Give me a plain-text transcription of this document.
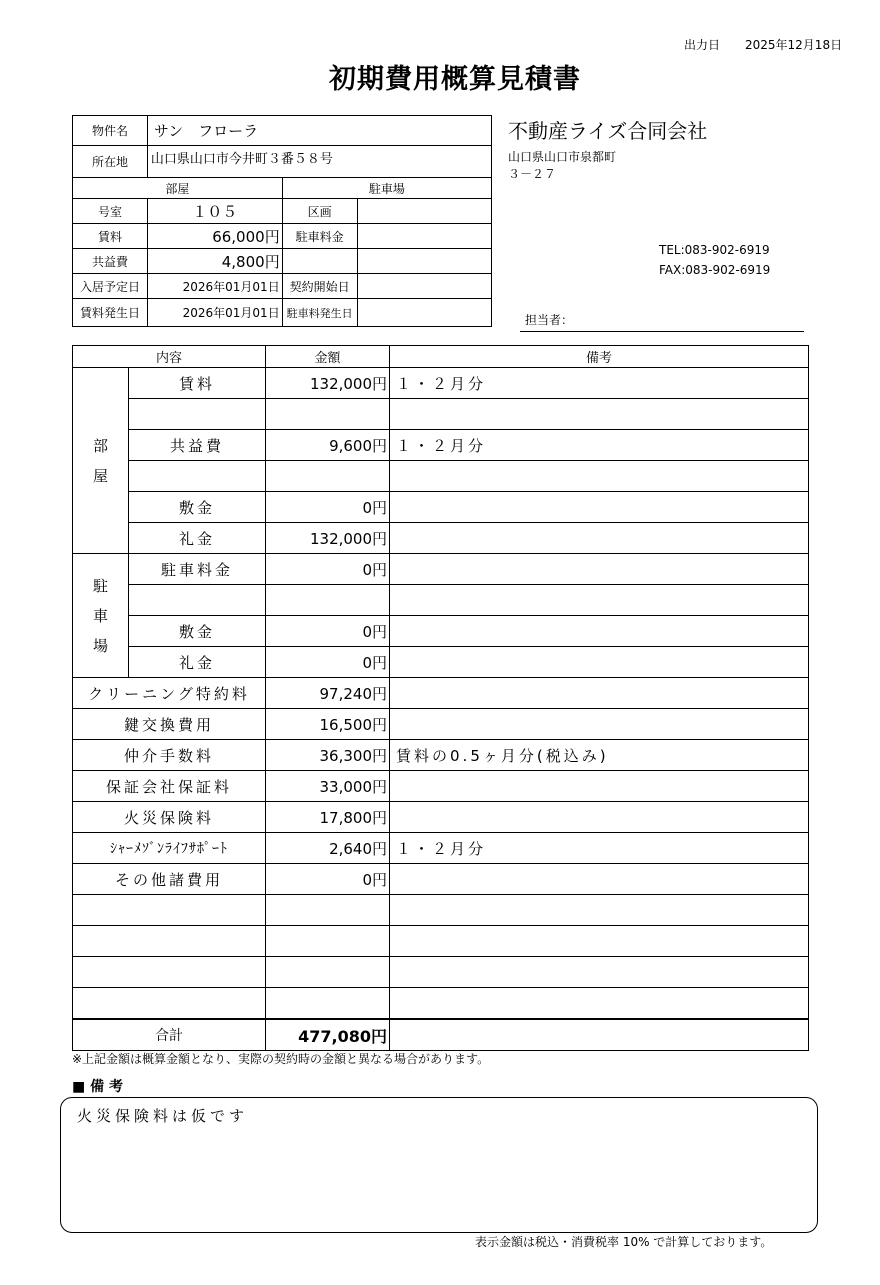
出力日 2025年12月18日
初期費用概算見積書
物件名	サン　フローラ		
所在地	山口県山口市今井町３番５８号		
部屋		駐車場	
号室	１０５	区画	
賃料	66,000円	駐車料金	
共益費	4,800円		
入居予定日	2026年01月01日	契約開始日	
賃料発生日	2026年01月01日	駐車料発生日	
不動産ライズ合同会社
山口県山口市泉都町
３－２７
TEL:083-902-6919
FAX:083-902-6919
担当者：
内容		金額	備考

部
屋	賃料	132,000円	１・２月分

	共益費	9,600円	１・２月分

	敷金	0円	
	礼金	132,000円	

駐
車
場	駐車料金	0円	

	敷金	0円	
	礼金	0円	
クリーニング特約料		97,240円	
鍵交換費用		16,500円	
仲介手数料		36,300円	賃料の0.5ヶ月分(税込み)
保証会社保証料		33,000円	
火災保険料		17,800円	
ｼｬｰﾒｿﾞﾝﾗｲﾌｻﾎﾟｰﾄ		2,640円	１・２月分
その他諸費用		0円	

合計		477,080円	
※上記金額は概算金額となり、実際の契約時の金額と異なる場合があります。
■ 備 考
火災保険料は仮です
表示金額は税込・消費税率 10% で計算しております。
